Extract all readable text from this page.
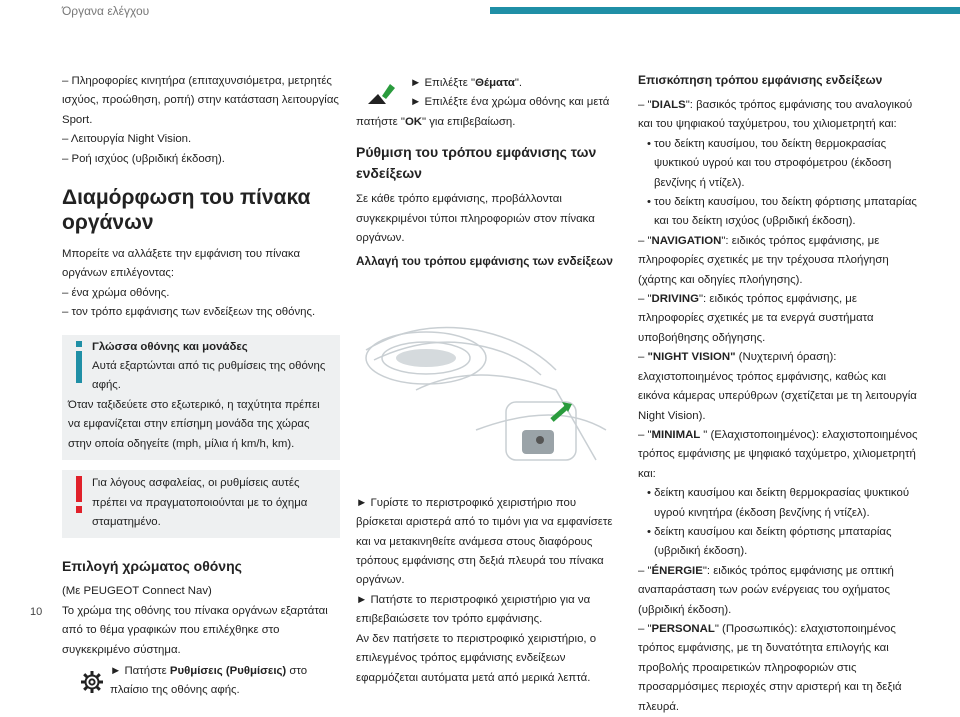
Όργανα ελέγχου

– Πληροφορίες κινητήρα (επιταχυνσιόμετρα, μετρητές ισχύος, προώθηση, ροπή) στην κατάσταση λειτουργίας Sport.

– Λειτουργία Night Vision.

– Ροή ισχύος (υβριδική έκδοση).

Διαμόρφωση του πίνακα οργάνων

Μπορείτε να αλλάξετε την εμφάνιση του πίνακα οργάνων επιλέγοντας:

– ένα χρώμα οθόνης.

– τον τρόπο εμφάνισης των ενδείξεων της οθόνης.

Γλώσσα οθόνης και μονάδες

Αυτά εξαρτώνται από τις ρυθμίσεις της οθόνης αφής.

Όταν ταξιδεύετε στο εξωτερικό, η ταχύτητα πρέπει να εμφανίζεται στην επίσημη μονάδα της χώρας στην οποία οδηγείτε (mph, μίλια ή km/h, km).

Για λόγους ασφαλείας, οι ρυθμίσεις αυτές πρέπει να πραγματοποιούνται με το όχημα σταματημένο.

Επιλογή χρώματος οθόνης

(Με PEUGEOT Connect Nav)

Το χρώμα της οθόνης του πίνακα οργάνων εξαρτάται από το θέμα γραφικών που επιλέχθηκε στο συγκεκριμένο σύστημα.

► Πατήστε Ρυθμίσεις (Ρυθμίσεις) στο πλαίσιο της οθόνης αφής.

► Επιλέξτε "Θέματα".

► Επιλέξτε ένα χρώμα οθόνης και μετά

πατήστε "OK" για επιβεβαίωση.

Ρύθμιση του τρόπου εμφάνισης των ενδείξεων

Σε κάθε τρόπο εμφάνισης, προβάλλονται συγκεκριμένοι τύποι πληροφοριών στον πίνακα οργάνων.

Αλλαγή του τρόπου εμφάνισης των ενδείξεων

► Γυρίστε το περιστροφικό χειριστήριο που βρίσκεται αριστερά από το τιμόνι για να εμφανίσετε και να μετακινηθείτε ανάμεσα στους διαφόρους τρόπους εμφάνισης στη δεξιά πλευρά του πίνακα οργάνων.

► Πατήστε το περιστροφικό χειριστήριο για να επιβεβαιώσετε τον τρόπο εμφάνισης.

Αν δεν πατήσετε το περιστροφικό χειριστήριο, ο επιλεγμένος τρόπος εμφάνισης ενδείξεων εφαρμόζεται αυτόματα μετά από μερικά λεπτά.

Επισκόπηση τρόπου εμφάνισης ενδείξεων

– "DIALS": βασικός τρόπος εμφάνισης του αναλογικού και του ψηφιακού ταχύμετρου, του χιλιομετρητή και:

• του δείκτη καυσίμου, του δείκτη θερμοκρασίας ψυκτικού υγρού και του στροφόμετρου (έκδοση βενζίνης ή ντίζελ).

• του δείκτη καυσίμου, του δείκτη φόρτισης μπαταρίας και του δείκτη ισχύος (υβριδική έκδοση).

– "NAVIGATION": ειδικός τρόπος εμφάνισης, με πληροφορίες σχετικές με την τρέχουσα πλοήγηση (χάρτης και οδηγίες πλοήγησης).

– "DRIVING": ειδικός τρόπος εμφάνισης, με πληροφορίες σχετικές με τα ενεργά συστήματα υποβοήθησης οδήγησης.

– "NIGHT VISION" (Νυχτερινή όραση): ελαχιστοποιημένος τρόπος εμφάνισης, καθώς και εικόνα κάμερας υπερύθρων (σχετίζεται με τη λειτουργία Night Vision).

– "MINIMAL " (Ελαχιστοποιημένος): ελαχιστοποιημένος τρόπος εμφάνισης με ψηφιακό ταχύμετρο, χιλιομετρητή και:

• δείκτη καυσίμου και δείκτη θερμοκρασίας ψυκτικού υγρού κινητήρα (έκδοση βενζίνης ή ντίζελ).

• δείκτη καυσίμου και δείκτη φόρτισης μπαταρίας (υβριδική έκδοση).

– "ÉNERGIE": ειδικός τρόπος εμφάνισης με οπτική αναπαράσταση των ροών ενέργειας του οχήματος (υβριδική έκδοση).

– "PERSONAL" (Προσωπικός): ελαχιστοποιημένος τρόπος εμφάνισης, με τη δυνατότητα επιλογής και προβολής προαιρετικών πληροφοριών στις προσαρμόσιμες περιοχές στην αριστερή και τη δεξιά πλευρά.

10
